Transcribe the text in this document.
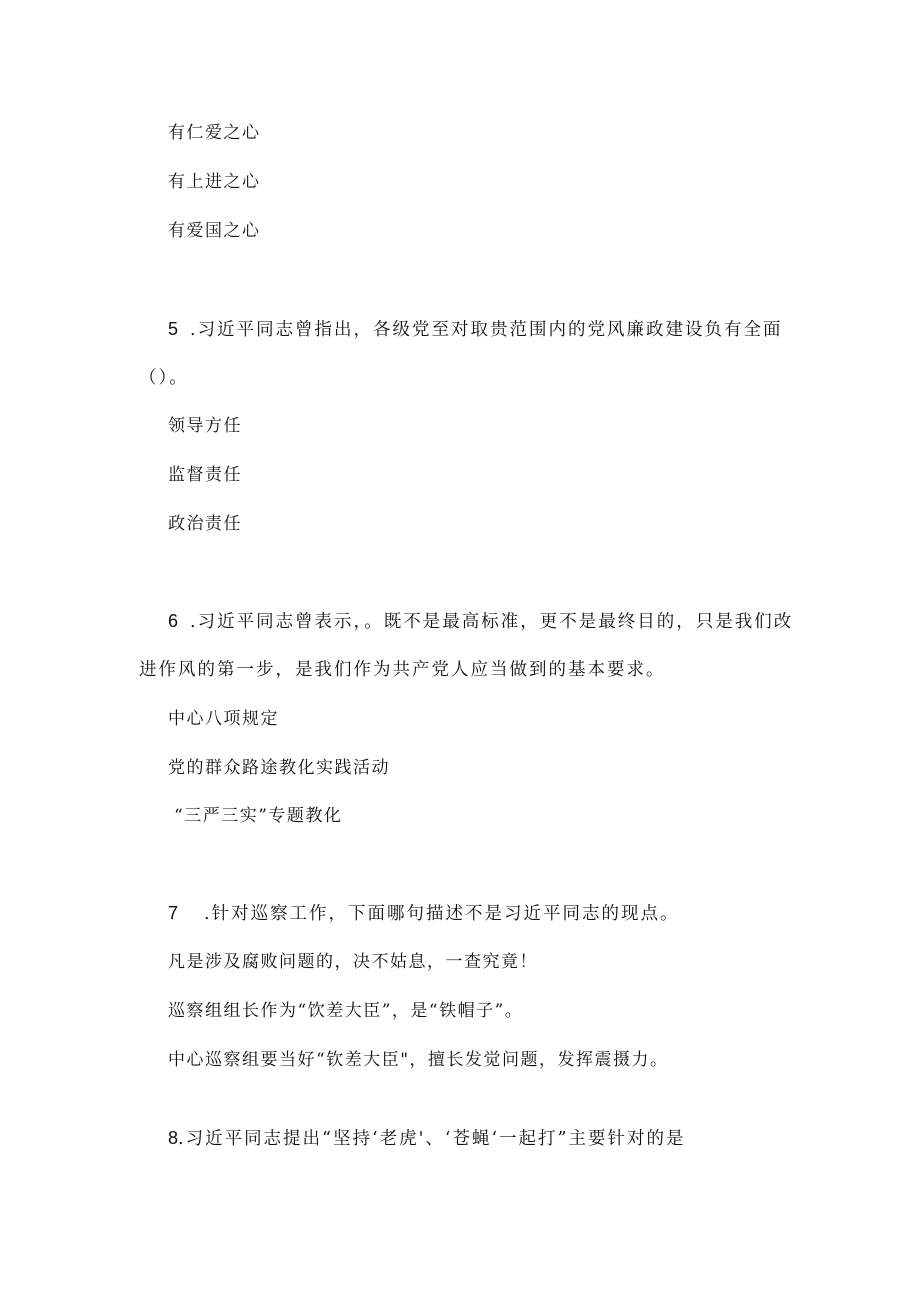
有仁爱之心
有上进之心
有爱国之心
5 .习近平同志曾指出，各级党至对取贵范围内的党风廉政建设负有全面
（）。
领导方任
监督责任
政治责任
6 .习近平同志曾表示，。既不是最高标准，更不是最终目的，只是我们改
进作风的第一步，是我们作为共产党人应当做到的基本要求。
中心八项规定
党的群众路途教化实践活动
“三严三实”专题教化
7 .针对巡察工作，下面哪句描述不是习近平同志的现点。
凡是涉及腐败问题的，决不姑息，一查究竟！
巡察组组长作为“饮差大臣”，是“铁帽子”。
中心巡察组要当好“钦差大臣"，擅长发觉问题，发挥震摄力。
8.习近平同志提出“坚持‘老虎'、‘苍蝇‘一起打”主要针对的是
